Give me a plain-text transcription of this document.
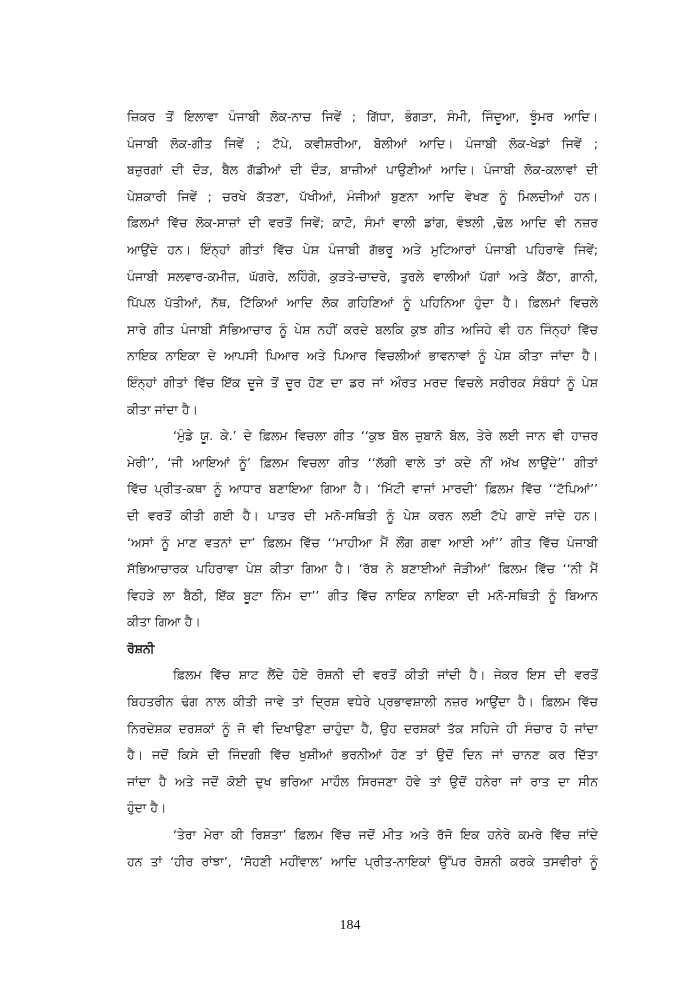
ਜ਼ਿਕਰ ਤੋਂ ਇਲਾਵਾ ਪੰਜਾਬੀ ਲੋਕ-ਨਾਚ ਜਿਵੇਂ ; ਗਿੱਧਾ, ਭੰਗੜਾ, ਸੰਮੀ, ਜਿੰਦੂਆ, ਝੂੰਮਰ ਆਦਿ।
ਪੰਜਾਬੀ ਲੋਕ-ਗੀਤ ਜਿਵੇਂ ; ਟੱਪੇ, ਕਵੀਸ਼ਰੀਆ, ਬੋਲੀਆਂ ਆਦਿ। ਪੰਜਾਬੀ ਲੋਕ-ਖੇਡਾਂ ਜਿਵੇਂ ;
ਬਜ਼ੁਰਗਾਂ ਦੀ ਦੋੜ, ਬੈਲ ਗੱਡੀਆਂ ਦੀ ਦੌੜ, ਬਾਜ਼ੀਆਂ ਪਾਉਣੀਆਂ ਆਦਿ। ਪੰਜਾਬੀ ਲੋਕ-ਕਲਾਵਾਂ ਦੀ
ਪੇਸ਼ਕਾਰੀ ਜਿਵੇਂ ; ਚਰਖੇ ਕੱਤਣਾ, ਪੱਖੀਆਂ, ਮੰਜੀਆਂ ਬੁਣਨਾ ਆਦਿ ਵੇਖਣ ਨੂੰ ਮਿਲਦੀਆਂ ਹਨ।
ਫ਼ਿਲਮਾਂ ਵਿੱਚ ਲੋਕ-ਸਾਜ਼ਾਂ ਦੀ ਵਰਤੋਂ ਜਿਵੇਂ; ਕਾਟੋ, ਸੰਮਾਂ ਵਾਲੀ ਡਾਂਗ, ਵੰਝਲੀ ,ਢੋਲ ਆਦਿ ਵੀ ਨਜ਼ਰ
ਆਉਂਦੇ ਹਨ। ਇੰਨ੍ਹਾਂ ਗੀਤਾਂ ਵਿੱਚ ਪੇਸ਼ ਪੰਜਾਬੀ ਗੱਭਰੂ ਅਤੇ ਮੁਟਿਆਰਾਂ ਪੰਜਾਬੀ ਪਹਿਰਾਵੇ ਜਿਵੇਂ;
ਪੰਜਾਬੀ ਸਲਵਾਰ-ਕਮੀਜ਼, ਘੱਗਰੇ, ਲਹਿੰਗੇ, ਕੁੜਤੇ-ਚਾਦਰੇ, ਤੁਰਲੇ ਵਾਲੀਆਂ ਪੱਗਾਂ ਅਤੇ ਕੈਂਠਾ, ਗਾਨੀ,
ਪਿੱਪਲ ਪੱਤੀਆਂ, ਨੱਥ, ਟਿੱਕਿਆਂ ਆਦਿ ਲੋਕ ਗਹਿਣਿਆਂ ਨੂੰ ਪਹਿਨਿਆ ਹੁੰਦਾ ਹੈ। ਫ਼ਿਲਮਾਂ ਵਿਚਲੇ
ਸਾਰੇ ਗੀਤ ਪੰਜਾਬੀ ਸੱਭਿਆਚਾਰ ਨੂੰ ਪੇਸ਼ ਨਹੀਂ ਕਰਦੇ ਬਲਕਿ ਕੁਝ ਗੀਤ ਅਜਿਹੇ ਵੀ ਹਨ ਜਿੰਨ੍ਹਾਂ ਵਿੱਚ
ਨਾਇਕ ਨਾਇਕਾ ਦੇ ਆਪਸੀ ਪਿਆਰ ਅਤੇ ਪਿਆਰ ਵਿਚਲੀਆਂ ਭਾਵਨਾਵਾਂ ਨੂੰ ਪੇਸ਼ ਕੀਤਾ ਜਾਂਦਾ ਹੈ।
ਇੰਨ੍ਹਾਂ ਗੀਤਾਂ ਵਿੱਚ ਇੱਕ ਦੂਜੇ ਤੋਂ ਦੂਰ ਹੋਣ ਦਾ ਡਰ ਜਾਂ ਔਰਤ ਮਰਦ ਵਿਚਲੇ ਸਰੀਰਕ ਸੰਬੰਧਾਂ ਨੂੰ ਪੇਸ਼
ਕੀਤਾ ਜਾਂਦਾ ਹੈ।
‘ਮੁੰਡੇ ਯੂ. ਕੇ.’ ਦੇ ਫ਼ਿਲਮ ਵਿਚਲਾ ਗੀਤ ‘‘ਕੁਝ ਬੋਲ ਜ਼ੁਬਾਨੋ ਬੋਲ, ਤੇਰੇ ਲਈ ਜਾਨ ਵੀ ਹਾਜ਼ਰ
ਮੇਰੀ’’, ‘ਜੀ ਆਇਆਂ ਨੂੰ’ ਫ਼ਿਲਮ ਵਿਚਲਾ ਗੀਤ ‘‘ਲੱਗੀ ਵਾਲੇ ਤਾਂ ਕਦੇ ਨੀਂ ਅੱਖ ਲਾਉਂਦੇ’’ ਗੀਤਾਂ
ਵਿੱਚ ਪ੍ਰੀਤ-ਕਥਾ ਨੂੰ ਆਧਾਰ ਬਣਾਇਆ ਗਿਆ ਹੈ। ‘ਮਿੱਟੀ ਵਾਜਾਂ ਮਾਰਦੀ’ ਫ਼ਿਲਮ ਵਿੱਚ ‘‘ਟੱਪਿਆਂ’’
ਦੀ ਵਰਤੋਂ ਕੀਤੀ ਗਈ ਹੈ। ਪਾਤਰ ਦੀ ਮਨੋ-ਸਥਿਤੀ ਨੂੰ ਪੇਸ਼ ਕਰਨ ਲਈ ਟੱਪੇ ਗਾਏ ਜਾਂਦੇ ਹਨ।
‘ਅਸਾਂ ਨੂੰ ਮਾਣ ਵਤਨਾਂ ਦਾ’ ਫ਼ਿਲਮ ਵਿੱਚ ‘‘ਮਾਹੀਆ ਮੈਂ ਲੌਂਗ ਗਵਾ ਆਈ ਆਂ’’ ਗੀਤ ਵਿੱਚ ਪੰਜਾਬੀ
ਸੱਭਿਆਚਾਰਕ ਪਹਿਰਾਵਾ ਪੇਸ਼ ਕੀਤਾ ਗਿਆ ਹੈ। ‘ਰੱਬ ਨੇ ਬਣਾਈਆਂ ਜੋੜੀਆਂ’ ਫ਼ਿਲਮ ਵਿੱਚ ‘‘ਨੀ ਮੈਂ
ਵਿਹੜੇ ਲਾ ਬੈਠੀ, ਇੱਕ ਬੂਟਾ ਨਿੰਮ ਦਾ’’ ਗੀਤ ਵਿੱਚ ਨਾਇਕ ਨਾਇਕਾ ਦੀ ਮਨੋ-ਸਥਿਤੀ ਨੂੰ ਬਿਆਨ
ਕੀਤਾ ਗਿਆ ਹੈ।
ਰੋਸ਼ਨੀ
ਫ਼ਿਲਮ ਵਿੱਚ ਸ਼ਾਟ ਲੈਂਦੇ ਹੋਏ ਰੋਸ਼ਨੀ ਦੀ ਵਰਤੋਂ ਕੀਤੀ ਜਾਂਦੀ ਹੈ। ਜੇਕਰ ਇਸ ਦੀ ਵਰਤੋਂ
ਬਿਹਤਰੀਨ ਢੰਗ ਨਾਲ ਕੀਤੀ ਜਾਵੇ ਤਾਂ ਦ੍ਰਿਸ਼ ਵਧੇਰੇ ਪ੍ਰਭਾਵਸ਼ਾਲੀ ਨਜ਼ਰ ਆਉਂਦਾ ਹੈ। ਫ਼ਿਲਮ ਵਿੱਚ
ਨਿਰਦੇਸ਼ਕ ਦਰਸ਼ਕਾਂ ਨੂੰ ਜੋ ਵੀ ਦਿਖਾਉਣਾ ਚਾਹੁੰਦਾ ਹੈ, ਉਹ ਦਰਸ਼ਕਾਂ ਤੱਕ ਸਹਿਜੇ ਹੀ ਸੰਚਾਰ ਹੋ ਜਾਂਦਾ
ਹੈ। ਜਦੋਂ ਕਿਸੇ ਦੀ ਜਿੰਦਗੀ ਵਿੱਚ ਖੁਸ਼ੀਆਂ ਭਰਨੀਆਂ ਹੋਣ ਤਾਂ ਉਦੋਂ ਦਿਨ ਜਾਂ ਚਾਨਣ ਕਰ ਦਿੱਤਾ
ਜਾਂਦਾ ਹੈ ਅਤੇ ਜਦੋਂ ਕੋਈ ਦੁਖ ਭਰਿਆ ਮਾਹੌਲ ਸਿਰਜਣਾ ਹੋਵੇ ਤਾਂ ਉਦੋਂ ਹਨੇਰਾ ਜਾਂ ਰਾਤ ਦਾ ਸੀਨ
ਹੁੰਦਾ ਹੈ।
‘ਤੇਰਾ ਮੇਰਾ ਕੀ ਰਿਸ਼ਤਾ’ ਫ਼ਿਲਮ ਵਿੱਚ ਜਦੋਂ ਮੀਤ ਅਤੇ ਰੱਜੋ ਇਕ ਹਨੇਰੇ ਕਮਰੇ ਵਿੱਚ ਜਾਂਦੇ
ਹਨ ਤਾਂ ‘ਹੀਰ ਰਾਂਝਾ’, ‘ਸੋਹਣੀ ਮਹੀਂਵਾਲ’ ਆਦਿ ਪ੍ਰੀਤ-ਨਾਇਕਾਂ ਉੱਪਰ ਰੋਸ਼ਨੀ ਕਰਕੇ ਤਸਵੀਰਾਂ ਨੂੰ
184
